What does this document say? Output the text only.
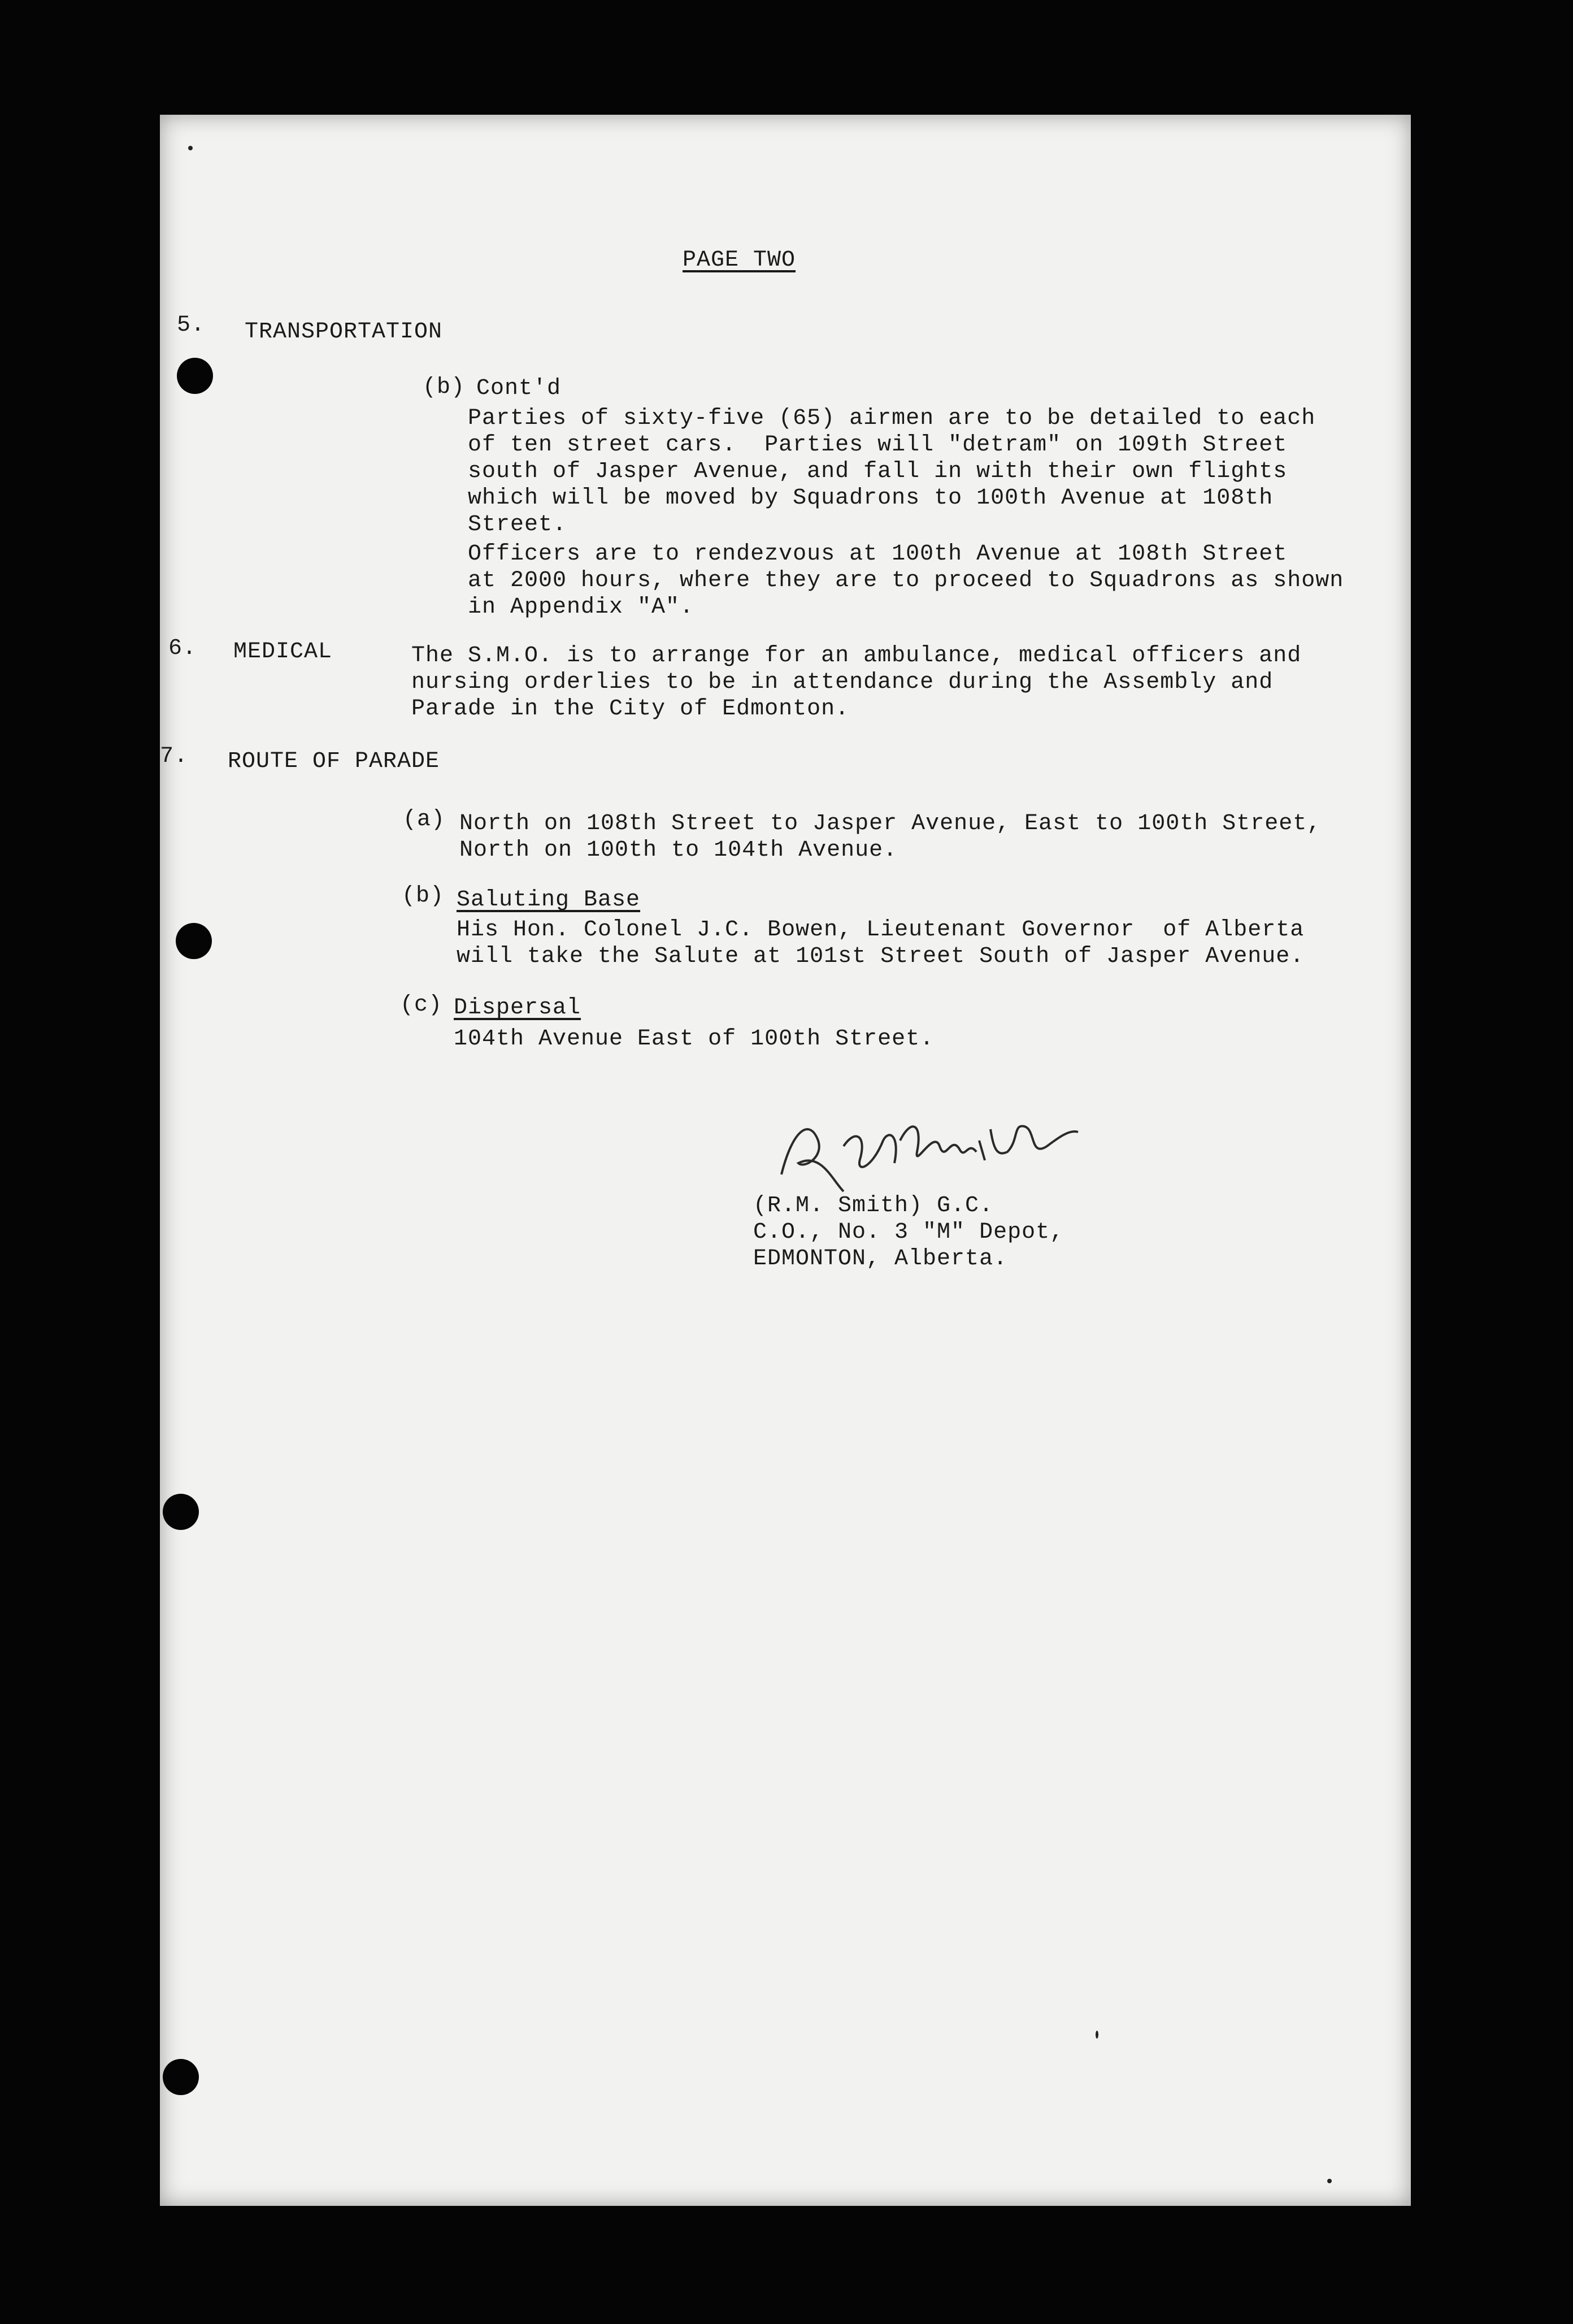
PAGE TWO
5. TRANSPORTATION
(b) Cont'd
Parties of sixty-five (65) airmen are to be detailed to each
of ten street cars.  Parties will "detram" on 109th Street
south of Jasper Avenue, and fall in with their own flights
which will be moved by Squadrons to 100th Avenue at 108th
Street.
Officers are to rendezvous at 100th Avenue at 108th Street
at 2000 hours, where they are to proceed to Squadrons as shown
in Appendix "A".
6. MEDICAL	The S.M.O. is to arrange for an ambulance, medical officers and
nursing orderlies to be in attendance during the Assembly and
Parade in the City of Edmonton.
7. ROUTE OF PARADE
(a) North on 108th Street to Jasper Avenue, East to 100th Street,
North on 100th to 104th Avenue.
(b) Saluting Base
His Hon. Colonel J.C. Bowen, Lieutenant Governor  of Alberta
will take the Salute at 101st Street South of Jasper Avenue.
(c) Dispersal
104th Avenue East of 100th Street.
(R.M. Smith) G.C.
C.O., No. 3 "M" Depot,
EDMONTON, Alberta.
